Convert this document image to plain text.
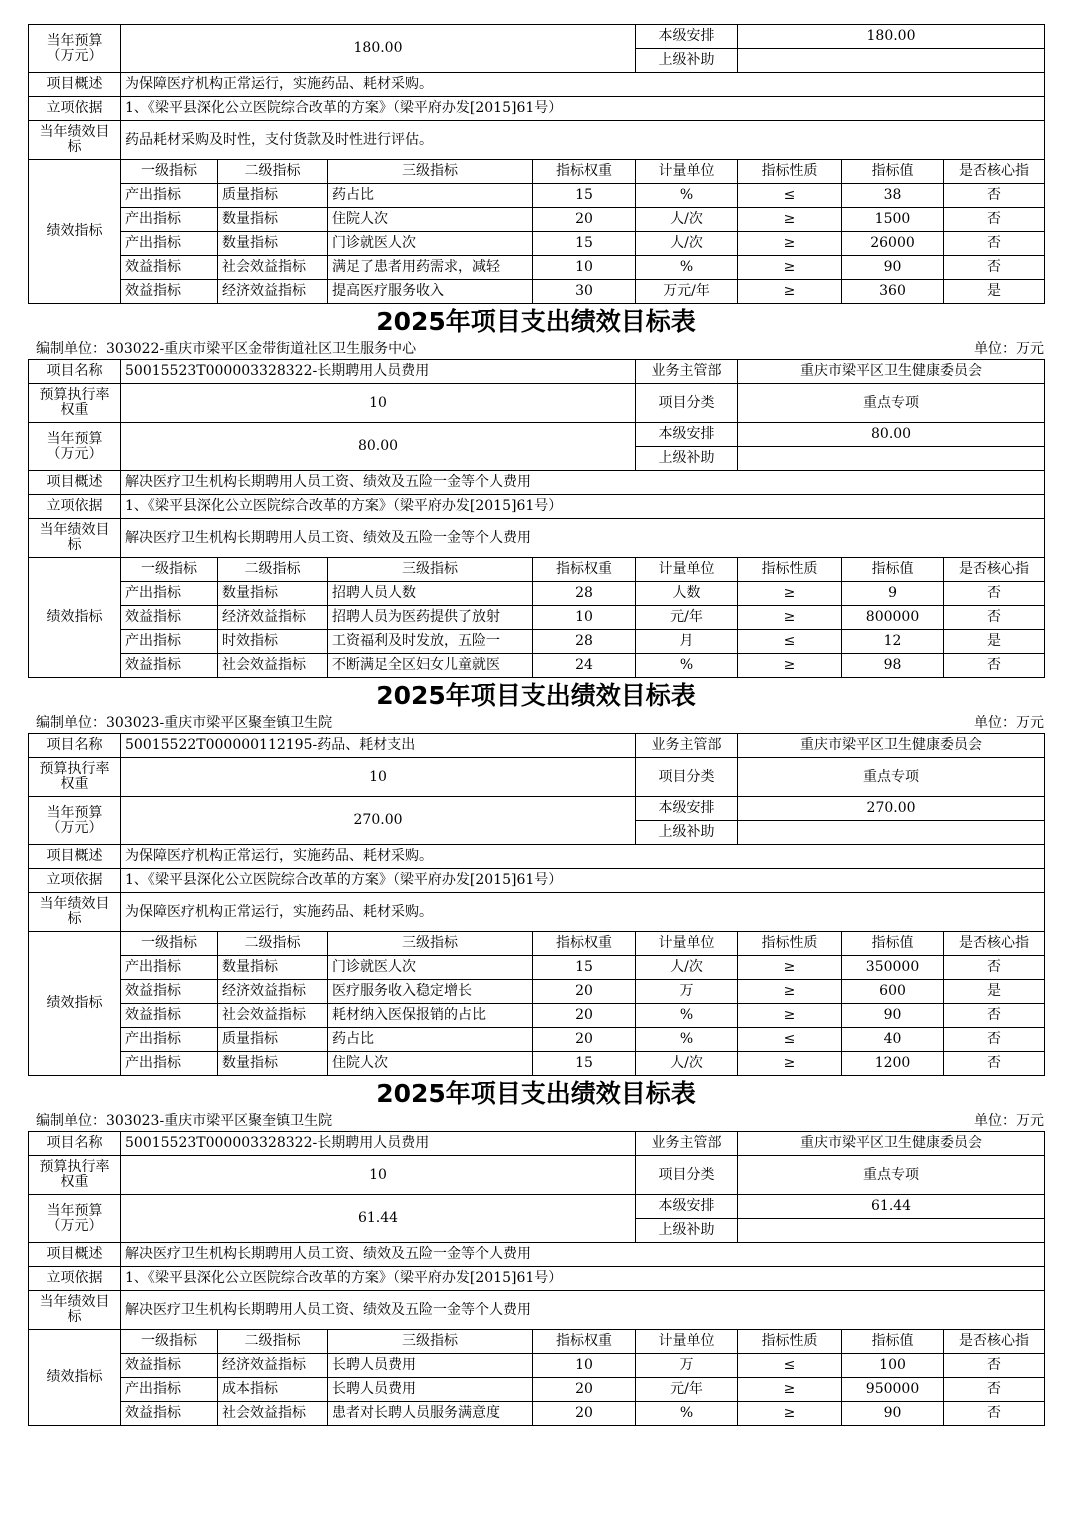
当年预算（万元）	180.00	本级安排	180.00
上级补助	
项目概述	为保障医疗机构正常运行，实施药品、耗材采购。
立项依据	1、《梁平县深化公立医院综合改革的方案》（梁平府办发[2015]61号）
当年绩效目标	药品耗材采购及时性，支付货款及时性进行评估。
绩效指标	一级指标	二级指标	三级指标	指标权重	计量单位	指标性质	指标值	是否核心指
产出指标	质量指标	药占比	15	%	≤	38	否
产出指标	数量指标	住院人次	20	人/次	≥	1500	否
产出指标	数量指标	门诊就医人次	15	人/次	≥	26000	否
效益指标	社会效益指标	满足了患者用药需求，减轻	10	%	≥	90	否
效益指标	经济效益指标	提高医疗服务收入	30	万元/年	≥	360	是
2025年项目支出绩效目标表
编制单位：303022-重庆市梁平区金带街道社区卫生服务中心	单位：万元
项目名称	50015523T000003328322-长期聘用人员费用	业务主管部	重庆市梁平区卫生健康委员会
预算执行率权重	10	项目分类	重点专项
当年预算（万元）	80.00	本级安排	80.00
上级补助	
项目概述	解决医疗卫生机构长期聘用人员工资、绩效及五险一金等个人费用
立项依据	1、《梁平县深化公立医院综合改革的方案》（梁平府办发[2015]61号）
当年绩效目标	解决医疗卫生机构长期聘用人员工资、绩效及五险一金等个人费用
绩效指标	一级指标	二级指标	三级指标	指标权重	计量单位	指标性质	指标值	是否核心指
产出指标	数量指标	招聘人员人数	28	人数	≥	9	否
效益指标	经济效益指标	招聘人员为医药提供了放射	10	元/年	≥	800000	否
产出指标	时效指标	工资福利及时发放，五险一	28	月	≤	12	是
效益指标	社会效益指标	不断满足全区妇女儿童就医	24	%	≥	98	否
2025年项目支出绩效目标表
编制单位：303023-重庆市梁平区聚奎镇卫生院	单位：万元
项目名称	50015522T000000112195-药品、耗材支出	业务主管部	重庆市梁平区卫生健康委员会
预算执行率权重	10	项目分类	重点专项
当年预算（万元）	270.00	本级安排	270.00
上级补助	
项目概述	为保障医疗机构正常运行，实施药品、耗材采购。
立项依据	1、《梁平县深化公立医院综合改革的方案》（梁平府办发[2015]61号）
当年绩效目标	为保障医疗机构正常运行，实施药品、耗材采购。
绩效指标	一级指标	二级指标	三级指标	指标权重	计量单位	指标性质	指标值	是否核心指
产出指标	数量指标	门诊就医人次	15	人/次	≥	350000	否
效益指标	经济效益指标	医疗服务收入稳定增长	20	万	≥	600	是
效益指标	社会效益指标	耗材纳入医保报销的占比	20	%	≥	90	否
产出指标	质量指标	药占比	20	%	≤	40	否
产出指标	数量指标	住院人次	15	人/次	≥	1200	否
2025年项目支出绩效目标表
编制单位：303023-重庆市梁平区聚奎镇卫生院	单位：万元
项目名称	50015523T000003328322-长期聘用人员费用	业务主管部	重庆市梁平区卫生健康委员会
预算执行率权重	10	项目分类	重点专项
当年预算（万元）	61.44	本级安排	61.44
上级补助	
项目概述	解决医疗卫生机构长期聘用人员工资、绩效及五险一金等个人费用
立项依据	1、《梁平县深化公立医院综合改革的方案》（梁平府办发[2015]61号）
当年绩效目标	解决医疗卫生机构长期聘用人员工资、绩效及五险一金等个人费用
绩效指标	一级指标	二级指标	三级指标	指标权重	计量单位	指标性质	指标值	是否核心指
效益指标	经济效益指标	长聘人员费用	10	万	≤	100	否
产出指标	成本指标	长聘人员费用	20	元/年	≥	950000	否
效益指标	社会效益指标	患者对长聘人员服务满意度	20	%	≥	90	否
